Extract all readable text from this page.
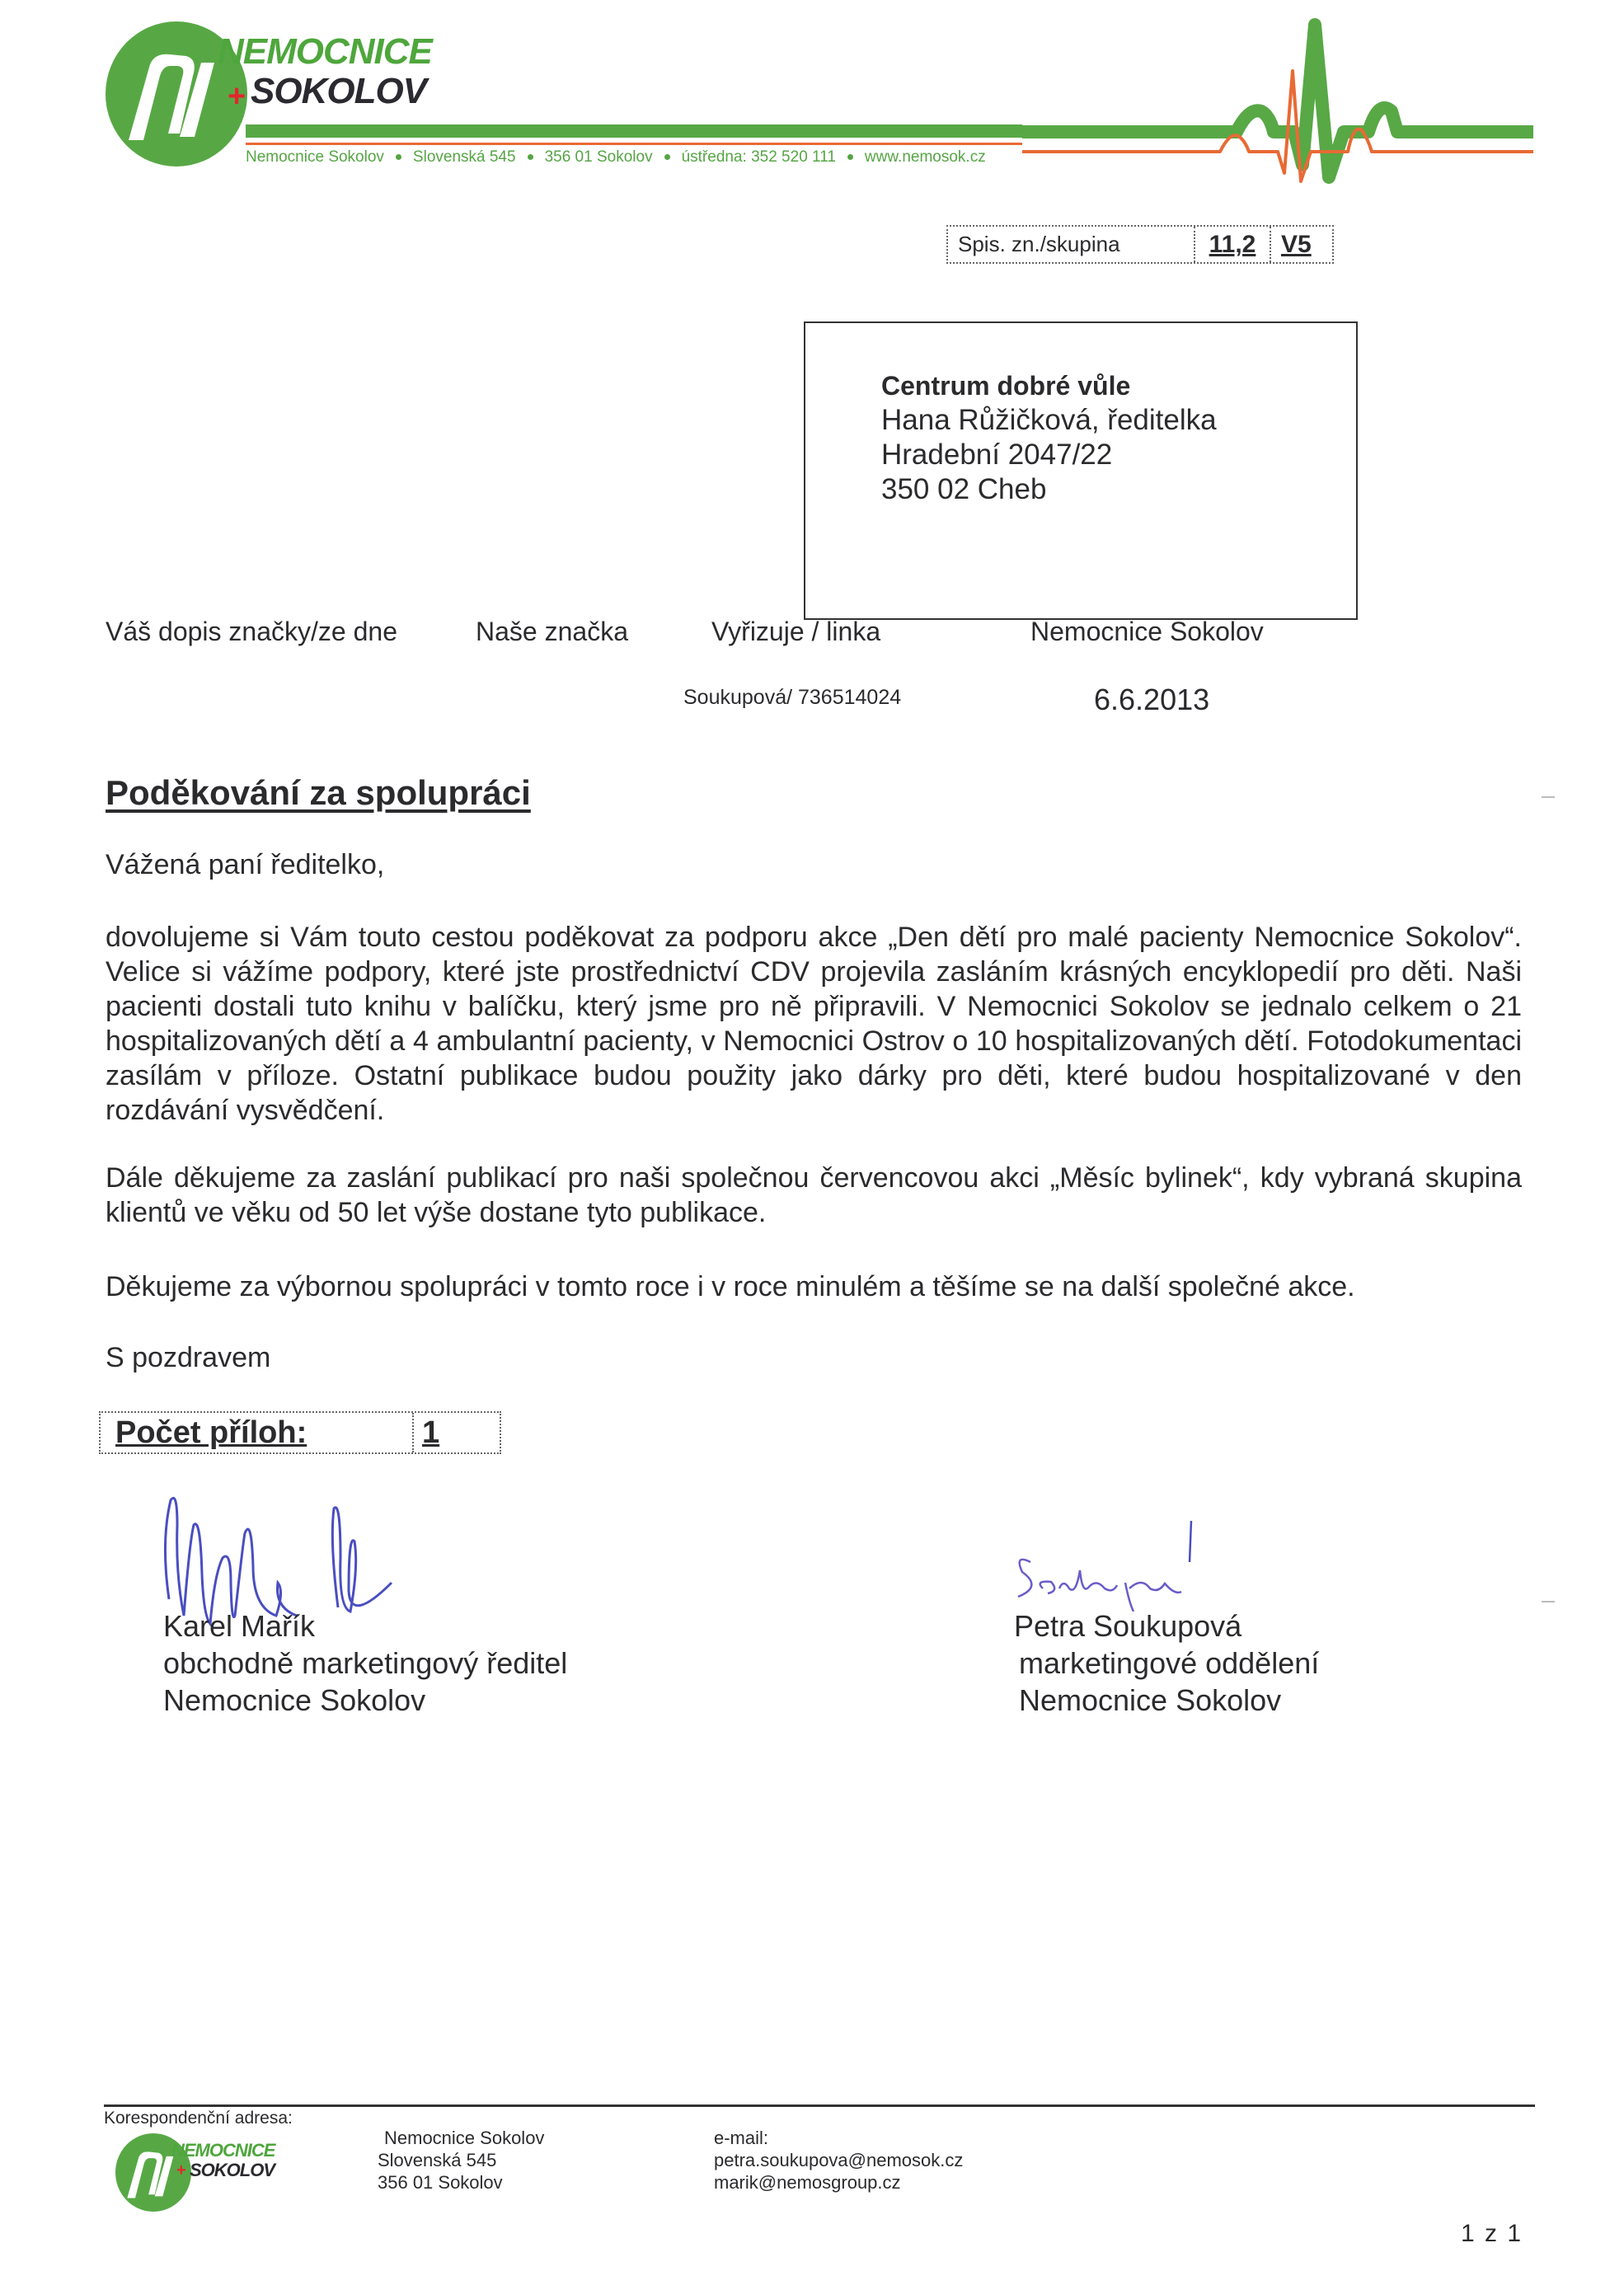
NEMOCNICE
+ SOKOLOV
Nemocnice Sokolov Slovenská 545 356 01 Sokolov ústředna: 352 520 111 www.nemosok.cz
Spis. zn./skupina	11,2	V5
Centrum dobré vůle
Hana Růžičková, ředitelka
Hradební 2047/22
350 02 Cheb
Váš dopis značky/ze dne	Naše značka	Vyřizuje / linka	Nemocnice Sokolov
Soukupová/ 736514024	6.6.2013
Poděkování za spolupráci
Vážená paní ředitelko,
dovolujeme si Vám touto cestou poděkovat za podporu akce „Den dětí pro malé pacienty Nemocnice Sokolov“. Velice si vážíme podpory, které jste prostřednictví CDV projevila zasláním krásných encyklopedií pro děti. Naši pacienti dostali tuto knihu v balíčku, který jsme pro ně připravili. V Nemocnici Sokolov se jednalo celkem o 21 hospitalizovaných dětí a 4 ambulantní pacienty, v Nemocnici Ostrov o 10 hospitalizovaných dětí. Fotodokumentaci zasílám v příloze. Ostatní publikace budou použity jako dárky pro děti, které budou hospitalizované v den rozdávání vysvědčení.
Dále děkujeme za zaslání publikací pro naši společnou červencovou akci „Měsíc bylinek“, kdy vybraná skupina klientů ve věku od 50 let výše dostane tyto publikace.
Děkujeme za výbornou spolupráci v tomto roce i v roce minulém a těšíme se na další společné akce.
S pozdravem
Počet příloh:	1
Karel Mařík
obchodně marketingový ředitel
Nemocnice Sokolov
Petra Soukupová
marketingové oddělení
Nemocnice Sokolov
Korespondenční adresa:
NEMOCNICE
+ SOKOLOV
Nemocnice Sokolov
Slovenská 545
356 01 Sokolov
e-mail:
petra.soukupova@nemosok.cz
marik@nemosgroup.cz
1 z 1
